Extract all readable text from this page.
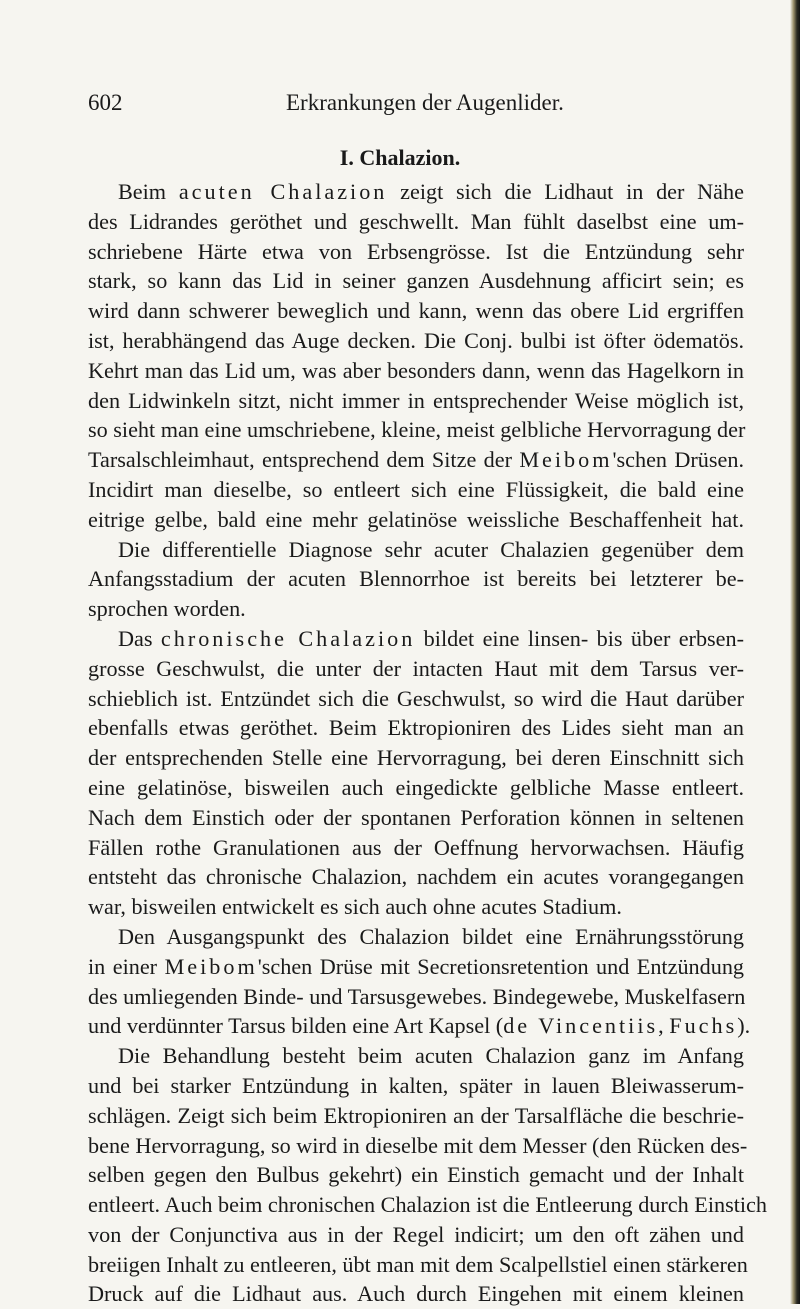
602	Erkrankungen der Augenlider.
I. Chalazion.
Beim acuten Chalazion zeigt sich die Lidhaut in der Nähe
des Lidrandes geröthet und geschwellt. Man fühlt daselbst eine um-
schriebene Härte etwa von Erbsengrösse. Ist die Entzündung sehr
stark, so kann das Lid in seiner ganzen Ausdehnung afficirt sein; es
wird dann schwerer beweglich und kann, wenn das obere Lid ergriffen
ist, herabhängend das Auge decken. Die Conj. bulbi ist öfter ödematös.
Kehrt man das Lid um, was aber besonders dann, wenn das Hagelkorn in
den Lidwinkeln sitzt, nicht immer in entsprechender Weise möglich ist,
so sieht man eine umschriebene, kleine, meist gelbliche Hervorragung der
Tarsalschleimhaut, entsprechend dem Sitze der Meibom'schen Drüsen.
Incidirt man dieselbe, so entleert sich eine Flüssigkeit, die bald eine
eitrige gelbe, bald eine mehr gelatinöse weissliche Beschaffenheit hat.
Die differentielle Diagnose sehr acuter Chalazien gegenüber dem
Anfangsstadium der acuten Blennorrhoe ist bereits bei letzterer be-
sprochen worden.
Das chronische Chalazion bildet eine linsen- bis über erbsen-
grosse Geschwulst, die unter der intacten Haut mit dem Tarsus ver-
schieblich ist. Entzündet sich die Geschwulst, so wird die Haut darüber
ebenfalls etwas geröthet. Beim Ektropioniren des Lides sieht man an
der entsprechenden Stelle eine Hervorragung, bei deren Einschnitt sich
eine gelatinöse, bisweilen auch eingedickte gelbliche Masse entleert.
Nach dem Einstich oder der spontanen Perforation können in seltenen
Fällen rothe Granulationen aus der Oeffnung hervorwachsen. Häufig
entsteht das chronische Chalazion, nachdem ein acutes vorangegangen
war, bisweilen entwickelt es sich auch ohne acutes Stadium.
Den Ausgangspunkt des Chalazion bildet eine Ernährungsstörung
in einer Meibom'schen Drüse mit Secretionsretention und Entzündung
des umliegenden Binde- und Tarsusgewebes. Bindegewebe, Muskelfasern
und verdünnter Tarsus bilden eine Art Kapsel (de Vincentiis, Fuchs).
Die Behandlung besteht beim acuten Chalazion ganz im Anfang
und bei starker Entzündung in kalten, später in lauen Bleiwasserum-
schlägen. Zeigt sich beim Ektropioniren an der Tarsalfläche die beschrie-
bene Hervorragung, so wird in dieselbe mit dem Messer (den Rücken des-
selben gegen den Bulbus gekehrt) ein Einstich gemacht und der Inhalt
entleert. Auch beim chronischen Chalazion ist die Entleerung durch Einstich
von der Conjunctiva aus in der Regel indicirt; um den oft zähen und
breiigen Inhalt zu entleeren, übt man mit dem Scalpellstiel einen stärkeren
Druck auf die Lidhaut aus. Auch durch Eingehen mit einem kleinen
